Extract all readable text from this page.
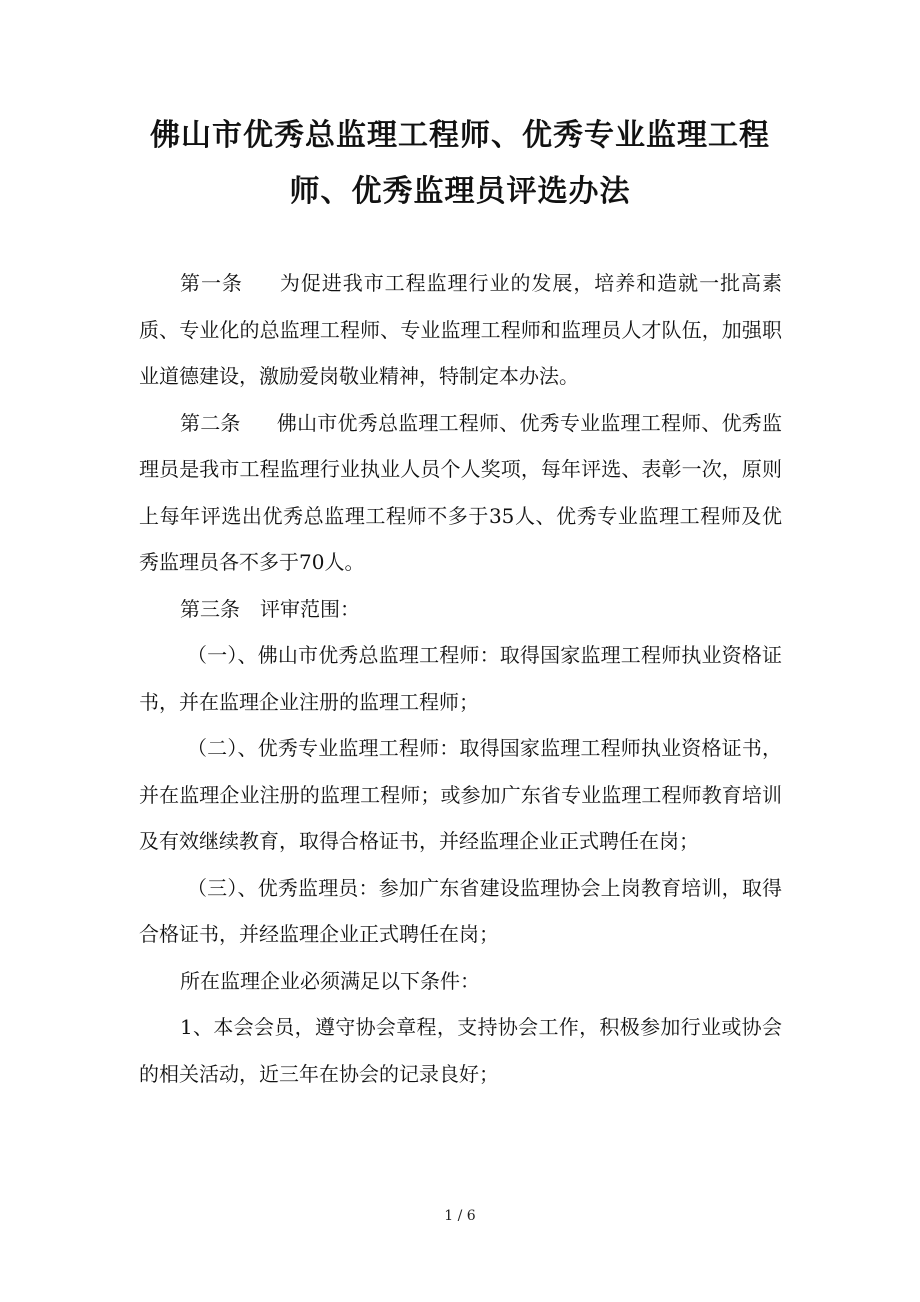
佛山市优秀总监理工程师、优秀专业监理工程
师、优秀监理员评选办法

第一条 为促进我市工程监理行业的发展，培养和造就一批高素质、专业化的总监理工程师、专业监理工程师和监理员人才队伍，加强职业道德建设，激励爱岗敬业精神，特制定本办法。

第二条 佛山市优秀总监理工程师、优秀专业监理工程师、优秀监理员是我市工程监理行业执业人员个人奖项，每年评选、表彰一次，原则上每年评选出优秀总监理工程师不多于35人、优秀专业监理工程师及优秀监理员各不多于70人。

第三条 评审范围：

（一）、佛山市优秀总监理工程师：取得国家监理工程师执业资格证书，并在监理企业注册的监理工程师；

（二）、优秀专业监理工程师：取得国家监理工程师执业资格证书，并在监理企业注册的监理工程师；或参加广东省专业监理工程师教育培训及有效继续教育，取得合格证书，并经监理企业正式聘任在岗；

（三）、优秀监理员：参加广东省建设监理协会上岗教育培训，取得合格证书，并经监理企业正式聘任在岗；

所在监理企业必须满足以下条件：

1、本会会员，遵守协会章程，支持协会工作，积极参加行业或协会的相关活动，近三年在协会的记录良好；

1 / 6
